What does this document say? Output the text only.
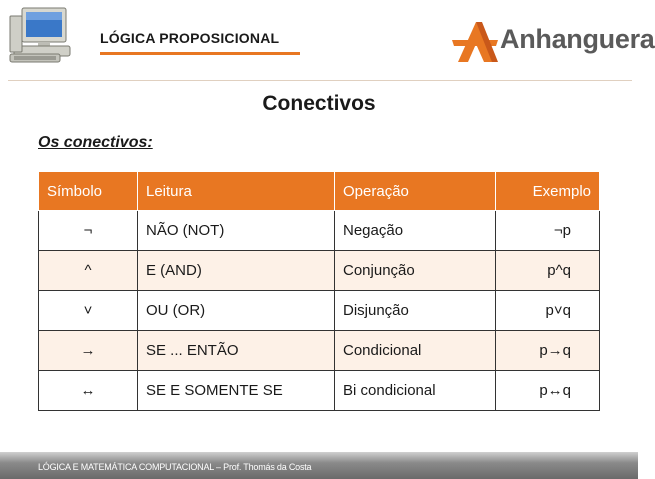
LÓGICA PROPOSICIONAL	Anhanguera
Conectivos
Os conectivos:
Símbolo	Leitura	Operação	Exemplo
¬	NÃO (NOT)	Negação	¬p
^	E (AND)	Conjunção	p^q
˅	OU (OR)	Disjunção	p˅q
→	SE ... ENTÃO	Condicional	p→q
↔	SE E SOMENTE SE	Bi condicional	p↔q
LÓGICA E MATEMÁTICA COMPUTACIONAL – Prof. Thomás da Costa
